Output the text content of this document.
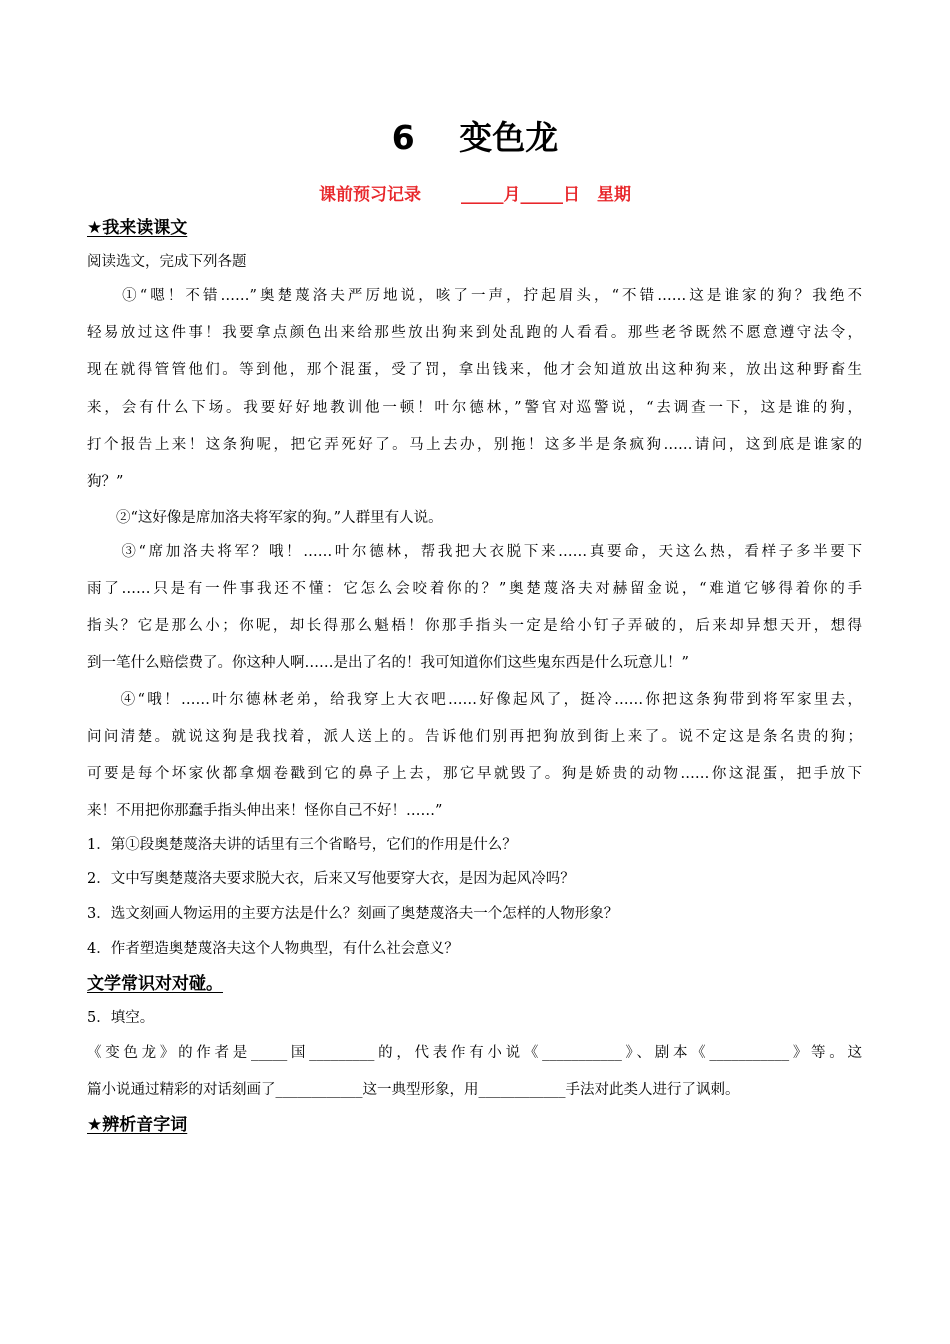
6　 变色龙
课前预习记录　　 _____月_____日　星期
★我来读课文
阅读选文，完成下列各题
　　①“嗯！不错……”奥楚蔑洛夫严厉地说，咳了一声，拧起眉头，“不错……这是谁家的狗？我绝不
轻易放过这件事！我要拿点颜色出来给那些放出狗来到处乱跑的人看看。那些老爷既然不愿意遵守法令，
现在就得管管他们。等到他，那个混蛋，受了罚，拿出钱来，他才会知道放出这种狗来，放出这种野畜生
来，会有什么下场。我要好好地教训他一顿！叶尔德林，”警官对巡警说，“去调查一下，这是谁的狗，
打个报告上来！这条狗呢，把它弄死好了。马上去办，别拖！这多半是条疯狗……请问，这到底是谁家的
狗？”
　　②“这好像是席加洛夫将军家的狗。”人群里有人说。
　　③“席加洛夫将军？哦！……叶尔德林，帮我把大衣脱下来……真要命，天这么热，看样子多半要下
雨了……只是有一件事我还不懂：它怎么会咬着你的？”奥楚蔑洛夫对赫留金说，“难道它够得着你的手
指头？它是那么小；你呢，却长得那么魁梧！你那手指头一定是给小钉子弄破的，后来却异想天开，想得
到一笔什么赔偿费了。你这种人啊……是出了名的！我可知道你们这些鬼东西是什么玩意儿！”
　　④“哦！……叶尔德林老弟，给我穿上大衣吧……好像起风了，挺冷……你把这条狗带到将军家里去，
问问清楚。就说这狗是我找着，派人送上的。告诉他们别再把狗放到街上来了。说不定这是条名贵的狗；
可要是每个坏家伙都拿烟卷戳到它的鼻子上去，那它早就毁了。狗是娇贵的动物……你这混蛋，把手放下
来！不用把你那蠢手指头伸出来！怪你自己不好！……”
1．第①段奥楚蔑洛夫讲的话里有三个省略号，它们的作用是什么？
2．文中写奥楚蔑洛夫要求脱大衣，后来又写他要穿大衣，是因为起风冷吗？
3．选文刻画人物运用的主要方法是什么？刻画了奥楚蔑洛夫一个怎样的人物形象？
4．作者塑造奥楚蔑洛夫这个人物典型，有什么社会意义？
文学常识对对碰。
5．填空。
《变色龙》的作者是_____国_________的，代表作有小说《___________》、剧本《___________》等。这
篇小说通过精彩的对话刻画了____________这一典型形象，用____________手法对此类人进行了讽刺。
★辨析音字词
